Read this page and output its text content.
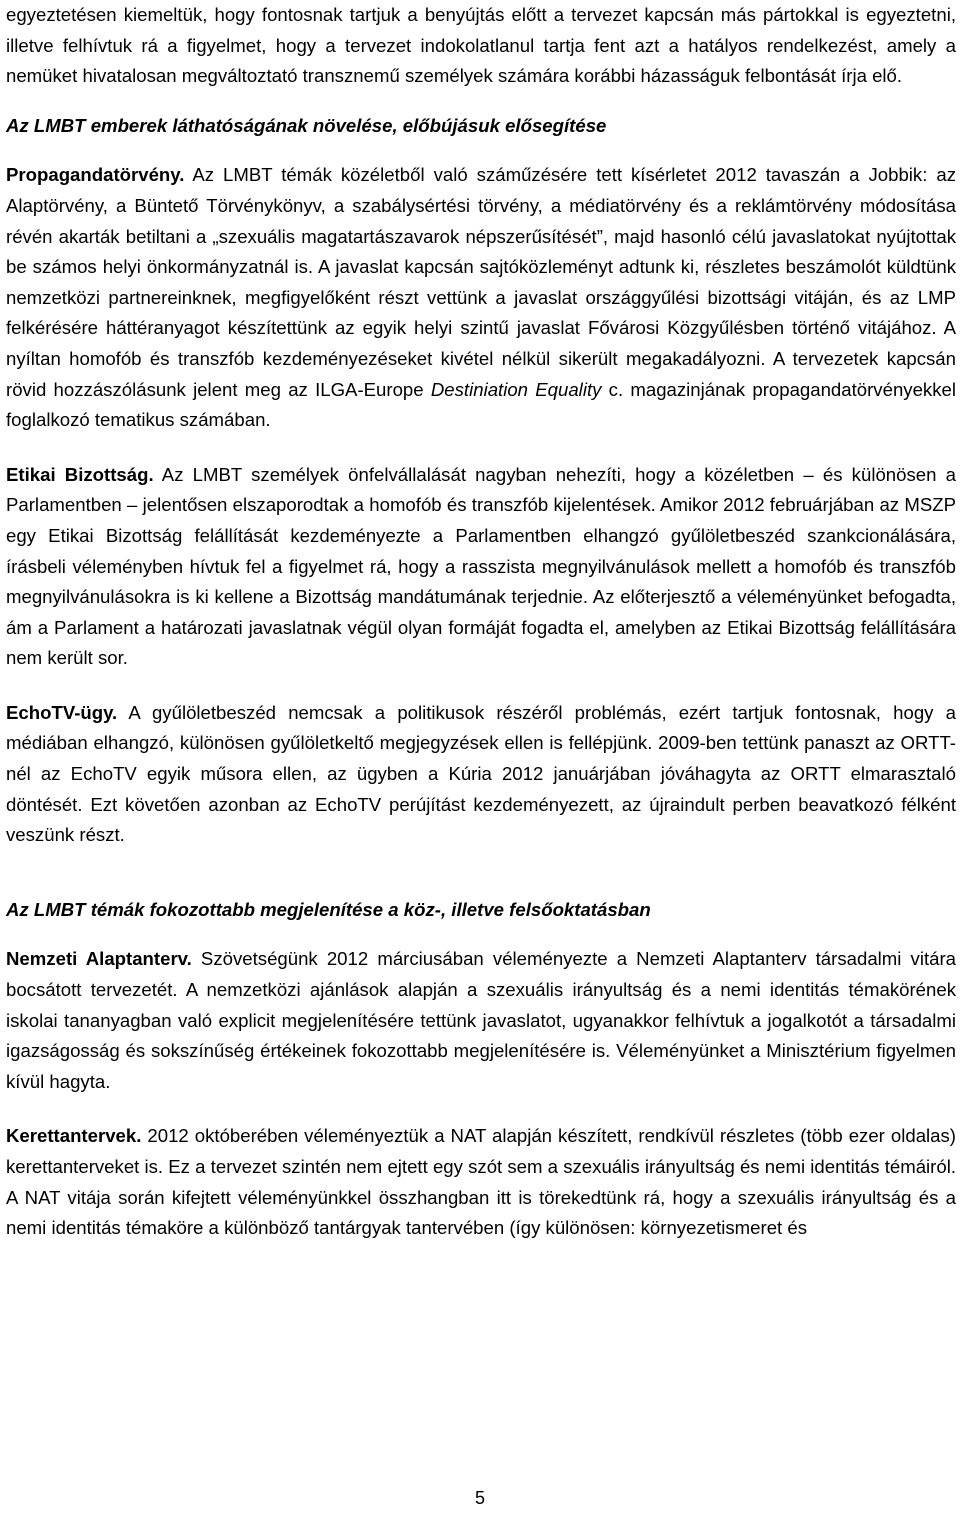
egyeztetésen kiemeltük, hogy fontosnak tartjuk a benyújtás előtt a tervezet kapcsán más pártokkal is egyeztetni, illetve felhívtuk rá a figyelmet, hogy a tervezet indokolatlanul tartja fent azt a hatályos rendelkezést, amely a nemüket hivatalosan megváltoztató transznemű személyek számára korábbi házasságuk felbontását írja elő.

Az LMBT emberek láthatóságának növelése, előbújásuk elősegítése

Propagandatörvény. Az LMBT témák közéletből való száműzésére tett kísérletet 2012 tavaszán a Jobbik: az Alaptörvény, a Büntető Törvénykönyv, a szabálysértési törvény, a médiatörvény és a reklámtörvény módosítása révén akarták betiltani a „szexuális magatartászavarok népszerűsítését”, majd hasonló célú javaslatokat nyújtottak be számos helyi önkormányzatnál is. A javaslat kapcsán sajtóközleményt adtunk ki, részletes beszámolót küldtünk nemzetközi partnereinknek, megfigyelőként részt vettünk a javaslat országgyűlési bizottsági vitáján, és az LMP felkérésére háttéranyagot készítettünk az egyik helyi szintű javaslat Fővárosi Közgyűlésben történő vitájához. A nyíltan homofób és transzfób kezdeményezéseket kivétel nélkül sikerült megakadályozni. A tervezetek kapcsán rövid hozzászólásunk jelent meg az ILGA-Europe Destiniation Equality c. magazinjának propagandatörvényekkel foglalkozó tematikus számában.

Etikai Bizottság. Az LMBT személyek önfelvállalását nagyban nehezíti, hogy a közéletben – és különösen a Parlamentben – jelentősen elszaporodtak a homofób és transzfób kijelentések. Amikor 2012 februárjában az MSZP egy Etikai Bizottság felállítását kezdeményezte a Parlamentben elhangzó gyűlöletbeszéd szankcionálására, írásbeli véleményben hívtuk fel a figyelmet rá, hogy a rasszista megnyilvánulások mellett a homofób és transzfób megnyilvánulásokra is ki kellene a Bizottság mandátumának terjednie. Az előterjesztő a véleményünket befogadta, ám a Parlament a határozati javaslatnak végül olyan formáját fogadta el, amelyben az Etikai Bizottság felállítására nem került sor.

EchoTV-ügy. A gyűlöletbeszéd nemcsak a politikusok részéről problémás, ezért tartjuk fontosnak, hogy a médiában elhangzó, különösen gyűlöletkeltő megjegyzések ellen is fellépjünk. 2009-ben tettünk panaszt az ORTT-nél az EchoTV egyik műsora ellen, az ügyben a Kúria 2012 januárjában jóváhagyta az ORTT elmarasztaló döntését. Ezt követően azonban az EchoTV perújítást kezdeményezett, az újraindult perben beavatkozó félként veszünk részt.

Az LMBT témák fokozottabb megjelenítése a köz-, illetve felsőoktatásban

Nemzeti Alaptanterv. Szövetségünk 2012 márciusában véleményezte a Nemzeti Alaptanterv társadalmi vitára bocsátott tervezetét. A nemzetközi ajánlások alapján a szexuális irányultság és a nemi identitás témakörének iskolai tananyagban való explicit megjelenítésére tettünk javaslatot, ugyanakkor felhívtuk a jogalkotót a társadalmi igazságosság és sokszínűség értékeinek fokozottabb megjelenítésére is. Véleményünket a Minisztérium figyelmen kívül hagyta.

Kerettantervek. 2012 októberében véleményeztük a NAT alapján készített, rendkívül részletes (több ezer oldalas) kerettanterveket is. Ez a tervezet szintén nem ejtett egy szót sem a szexuális irányultság és nemi identitás témáiról. A NAT vitája során kifejtett véleményünkkel összhangban itt is törekedtünk rá, hogy a szexuális irányultság és a nemi identitás témaköre a különböző tantárgyak tantervében (így különösen: környezetismeret és

5
